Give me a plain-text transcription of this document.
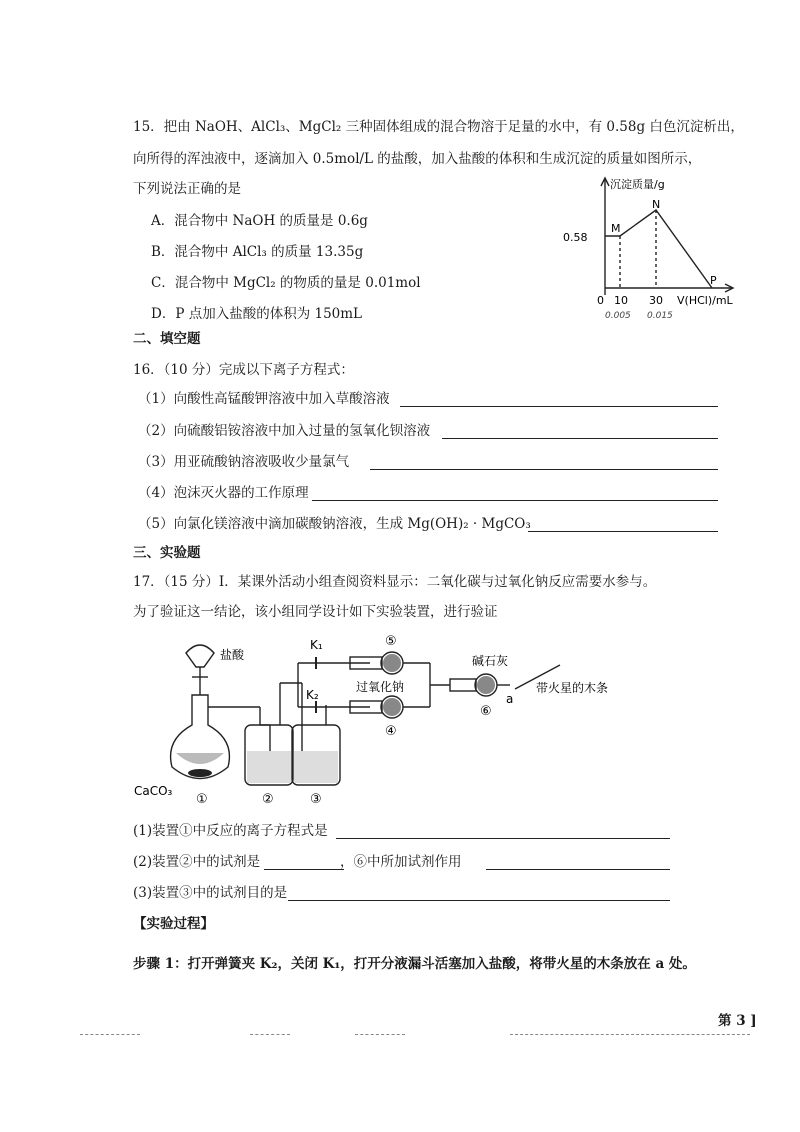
15．把由 NaOH、AlCl₃、MgCl₂ 三种固体组成的混合物溶于足量的水中，有 0.58g 白色沉淀析出，
向所得的浑浊液中，逐滴加入 0.5mol/L 的盐酸，加入盐酸的体积和生成沉淀的质量如图所示，
下列说法正确的是
A．混合物中 NaOH 的质量是 0.6g
B．混合物中 AlCl₃ 的质量 13.35g
C．混合物中 MgCl₂ 的物质的量是 0.01mol
D．P 点加入盐酸的体积为 150mL
沉淀质量/g
0.58
M
N
P
0 10 30 V(HCl)/mL
0.005 0.015
二、填空题
16．（10 分）完成以下离子方程式：
（1）向酸性高锰酸钾溶液中加入草酸溶液
（2）向硫酸铝铵溶液中加入过量的氢氧化钡溶液
（3）用亚硫酸钠溶液吸收少量氯气
（4）泡沫灭火器的工作原理
（5）向氯化镁溶液中滴加碳酸钠溶液，生成 Mg(OH)₂ · MgCO₃
三、实验题
17．（15 分）I．某课外活动小组查阅资料显示：二氧化碳与过氧化钠反应需要水参与。
为了验证这一结论，该小组同学设计如下实验装置，进行验证
盐酸
CaCO₃
K₁
K₂
过氧化钠
碱石灰
带火星的木条
a
①	②	③
④
⑤
⑥
(1)装置①中反应的离子方程式是
(2)装置②中的试剂是	，⑥中所加试剂作用
(3)装置③中的试剂目的是
【实验过程】
步骤 1：打开弹簧夹 K₂，关闭 K₁，打开分液漏斗活塞加入盐酸，将带火星的木条放在 a 处。
第 3 ]
